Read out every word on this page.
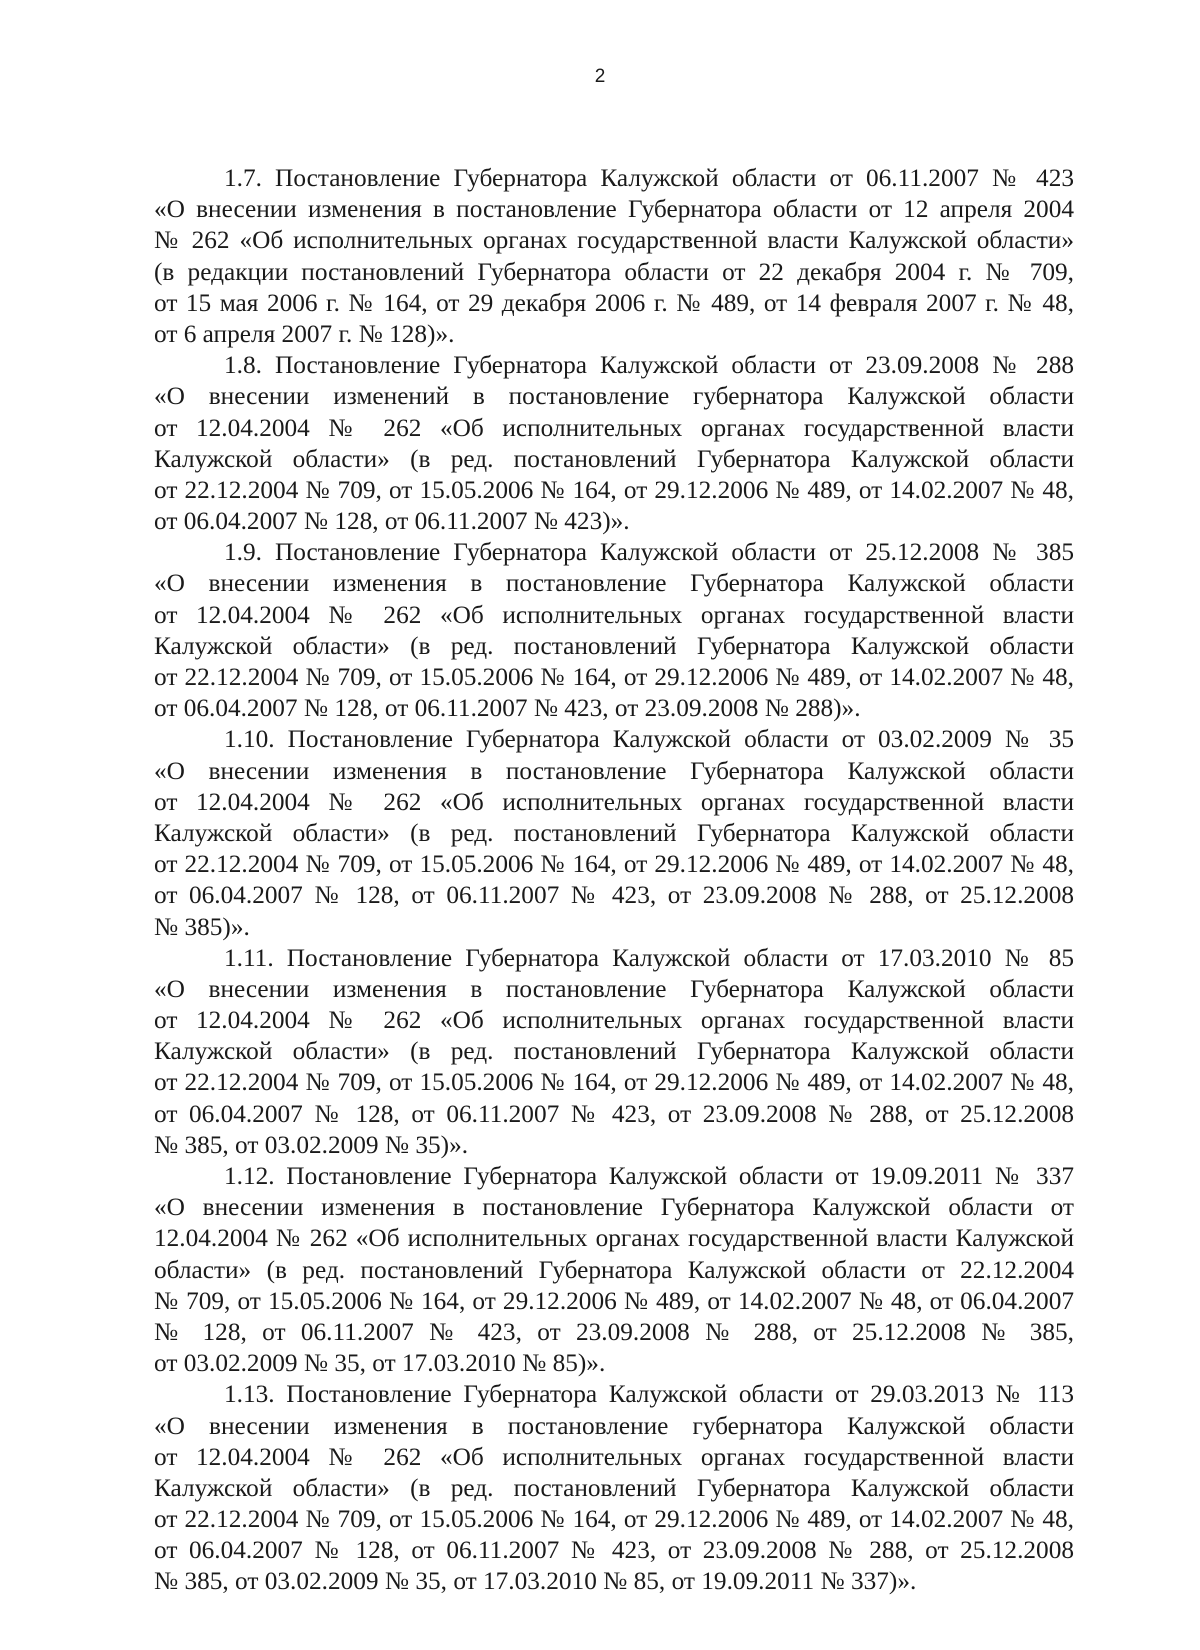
2
1.7. Постановление Губернатора Калужской области от 06.11.2007 № 423
«О внесении изменения в постановление Губернатора области от 12 апреля 2004
№ 262 «Об исполнительных органах государственной власти Калужской области»
(в редакции постановлений Губернатора области от 22 декабря 2004 г. № 709,
от 15 мая 2006 г. № 164, от 29 декабря 2006 г. № 489, от 14 февраля 2007 г. № 48,
от 6 апреля 2007 г. № 128)».
1.8. Постановление Губернатора Калужской области от 23.09.2008 № 288
«О внесении изменений в постановление губернатора Калужской области
от 12.04.2004 № 262 «Об исполнительных органах государственной власти
Калужской области» (в ред. постановлений Губернатора Калужской области
от 22.12.2004 № 709, от 15.05.2006 № 164, от 29.12.2006 № 489, от 14.02.2007 № 48,
от 06.04.2007 № 128, от 06.11.2007 № 423)».
1.9. Постановление Губернатора Калужской области от 25.12.2008 № 385
«О внесении изменения в постановление Губернатора Калужской области
от 12.04.2004 № 262 «Об исполнительных органах государственной власти
Калужской области» (в ред. постановлений Губернатора Калужской области
от 22.12.2004 № 709, от 15.05.2006 № 164, от 29.12.2006 № 489, от 14.02.2007 № 48,
от 06.04.2007 № 128, от 06.11.2007 № 423, от 23.09.2008 № 288)».
1.10. Постановление Губернатора Калужской области от 03.02.2009 № 35
«О внесении изменения в постановление Губернатора Калужской области
от 12.04.2004 № 262 «Об исполнительных органах государственной власти
Калужской области» (в ред. постановлений Губернатора Калужской области
от 22.12.2004 № 709, от 15.05.2006 № 164, от 29.12.2006 № 489, от 14.02.2007 № 48,
от 06.04.2007 № 128, от 06.11.2007 № 423, от 23.09.2008 № 288, от 25.12.2008
№ 385)».
1.11. Постановление Губернатора Калужской области от 17.03.2010 № 85
«О внесении изменения в постановление Губернатора Калужской области
от 12.04.2004 № 262 «Об исполнительных органах государственной власти
Калужской области» (в ред. постановлений Губернатора Калужской области
от 22.12.2004 № 709, от 15.05.2006 № 164, от 29.12.2006 № 489, от 14.02.2007 № 48,
от 06.04.2007 № 128, от 06.11.2007 № 423, от 23.09.2008 № 288, от 25.12.2008
№ 385, от 03.02.2009 № 35)».
1.12. Постановление Губернатора Калужской области от 19.09.2011 № 337
«О внесении изменения в постановление Губернатора Калужской области от
12.04.2004 № 262 «Об исполнительных органах государственной власти Калужской
области» (в ред. постановлений Губернатора Калужской области от 22.12.2004
№ 709, от 15.05.2006 № 164, от 29.12.2006 № 489, от 14.02.2007 № 48, от 06.04.2007
№ 128, от 06.11.2007 № 423, от 23.09.2008 № 288, от 25.12.2008 № 385,
от 03.02.2009 № 35, от 17.03.2010 № 85)».
1.13. Постановление Губернатора Калужской области от 29.03.2013 № 113
«О внесении изменения в постановление губернатора Калужской области
от 12.04.2004 № 262 «Об исполнительных органах государственной власти
Калужской области» (в ред. постановлений Губернатора Калужской области
от 22.12.2004 № 709, от 15.05.2006 № 164, от 29.12.2006 № 489, от 14.02.2007 № 48,
от 06.04.2007 № 128, от 06.11.2007 № 423, от 23.09.2008 № 288, от 25.12.2008
№ 385, от 03.02.2009 № 35, от 17.03.2010 № 85, от 19.09.2011 № 337)».
